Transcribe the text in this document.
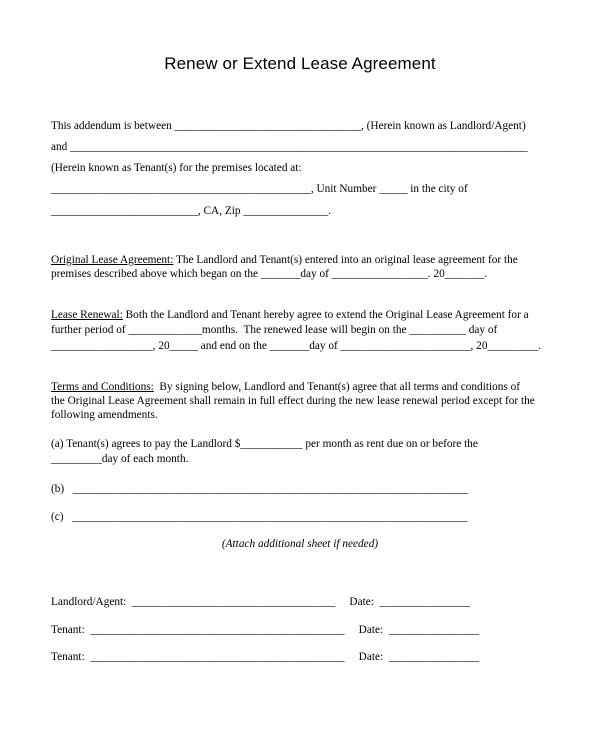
Renew or Extend Lease Agreement
This addendum is between _________________________________, (Herein known as Landlord/Agent)
and _________________________________________________________________________________
(Herein known as Tenant(s) for the premises located at:
______________________________________________, Unit Number _____ in the city of
__________________________, CA, Zip _______________.
Original Lease Agreement: The Landlord and Tenant(s) entered into an original lease agreement for the
premises described above which began on the _______day of _________________. 20_______.
Lease Renewal: Both the Landlord and Tenant hereby agree to extend the Original Lease Agreement for a
further period of _____________months.  The renewed lease will begin on the __________ day of
__________________, 20_____ and end on the _______day of _______________________, 20_________.
Terms and Conditions:  By signing below, Landlord and Tenant(s) agree that all terms and conditions of
the Original Lease Agreement shall remain in full effect during the new lease renewal period except for the
following amendments.
(a) Tenant(s) agrees to pay the Landlord $___________ per month as rent due on or before the
_________day of each month.
(b)   ______________________________________________________________________
(c)   ______________________________________________________________________
(Attach additional sheet if needed)
Landlord/Agent:  ____________________________________     Date:  ________________
Tenant:  _____________________________________________     Date:  ________________
Tenant:  _____________________________________________     Date:  ________________
